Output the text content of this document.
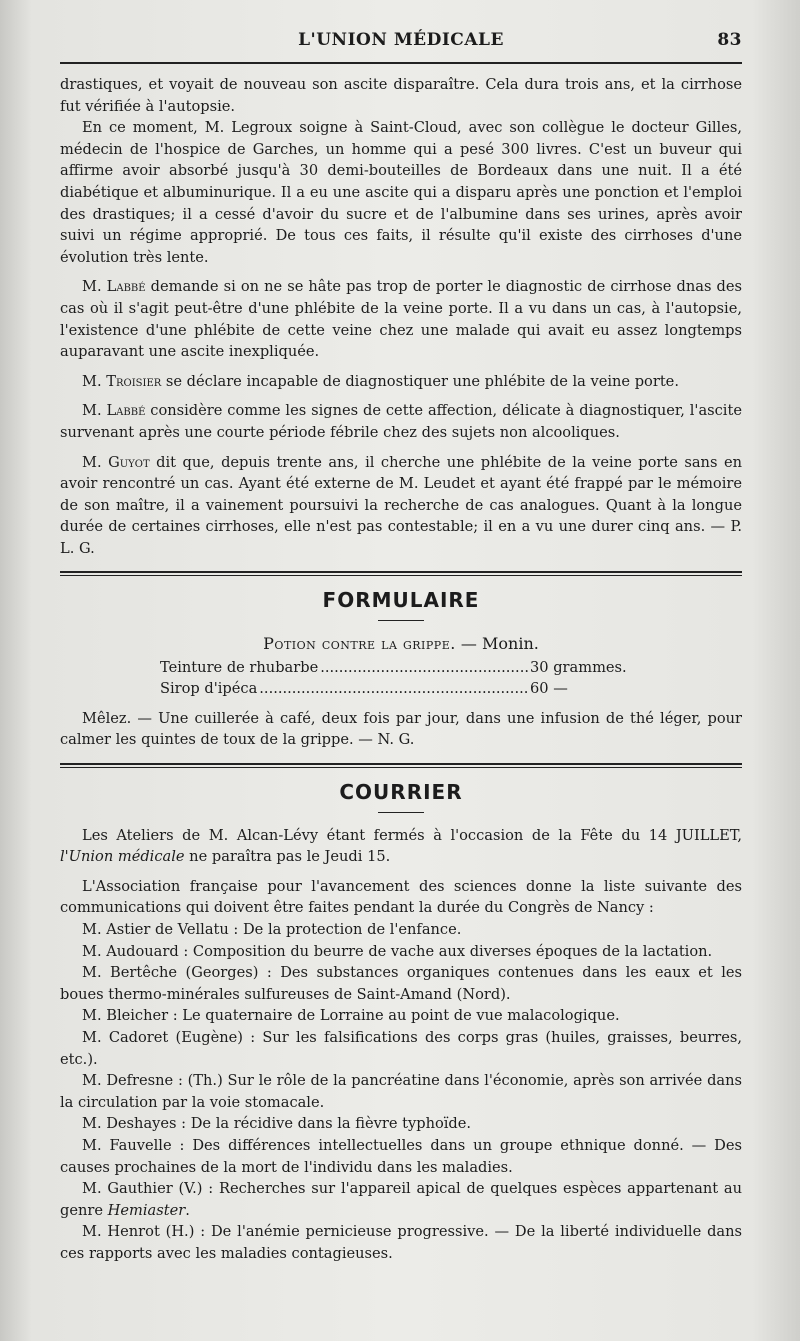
L'UNION MÉDICALE	83

drastiques, et voyait de nouveau son ascite disparaître. Cela dura trois ans, et la cirrhose fut vérifiée à l'autopsie.

En ce moment, M. Legroux soigne à Saint-Cloud, avec son collègue le docteur Gilles, médecin de l'hospice de Garches, un homme qui a pesé 300 livres. C'est un buveur qui affirme avoir absorbé jusqu'à 30 demi-bouteilles de Bordeaux dans une nuit. Il a été diabétique et albuminurique. Il a eu une ascite qui a disparu après une ponction et l'emploi des drastiques; il a cessé d'avoir du sucre et de l'albumine dans ses urines, après avoir suivi un régime approprié. De tous ces faits, il résulte qu'il existe des cirrhoses d'une évolution très lente.

M. Labbé demande si on ne se hâte pas trop de porter le diagnostic de cirrhose dnas des cas où il s'agit peut-être d'une phlébite de la veine porte. Il a vu dans un cas, à l'autopsie, l'existence d'une phlébite de cette veine chez une malade qui avait eu assez longtemps auparavant une ascite inexpliquée.

M. Troisier se déclare incapable de diagnostiquer une phlébite de la veine porte.

M. Labbé considère comme les signes de cette affection, délicate à diagnostiquer, l'ascite survenant après une courte période fébrile chez des sujets non alcooliques.

M. Guyot dit que, depuis trente ans, il cherche une phlébite de la veine porte sans en avoir rencontré un cas. Ayant été externe de M. Leudet et ayant été frappé par le mémoire de son maître, il a vainement poursuivi la recherche de cas analogues. Quant à la longue durée de certaines cirrhoses, elle n'est pas contestable; il en a vu une durer cinq ans. — P. L. G.

FORMULAIRE
Potion contre la grippe. — Monin.
Teinture de rhubarbe .....	30 grammes.
Sirop d'ipéca .....	60 —

Mêlez. — Une cuillerée à café, deux fois par jour, dans une infusion de thé léger, pour calmer les quintes de toux de la grippe. — N. G.

COURRIER

Les Ateliers de M. Alcan-Lévy étant fermés à l'occasion de la Fête du 14 JUILLET, l'Union médicale ne paraîtra pas le Jeudi 15.

L'Association française pour l'avancement des sciences donne la liste suivante des communications qui doivent être faites pendant la durée du Congrès de Nancy :

M. Astier de Vellatu : De la protection de l'enfance.

M. Audouard : Composition du beurre de vache aux diverses époques de la lactation.

M. Bertêche (Georges) : Des substances organiques contenues dans les eaux et les boues thermo-minérales sulfureuses de Saint-Amand (Nord).

M. Bleicher : Le quaternaire de Lorraine au point de vue malacologique.

M. Cadoret (Eugène) : Sur les falsifications des corps gras (huiles, graisses, beurres, etc.).

M. Defresne : (Th.) Sur le rôle de la pancréatine dans l'économie, après son arrivée dans la circulation par la voie stomacale.

M. Deshayes : De la récidive dans la fièvre typhoïde.

M. Fauvelle : Des différences intellectuelles dans un groupe ethnique donné. — Des causes prochaines de la mort de l'individu dans les maladies.

M. Gauthier (V.) : Recherches sur l'appareil apical de quelques espèces appartenant au genre Hemiaster.

M. Henrot (H.) : De l'anémie pernicieuse progressive. — De la liberté individuelle dans ces rapports avec les maladies contagieuses.
